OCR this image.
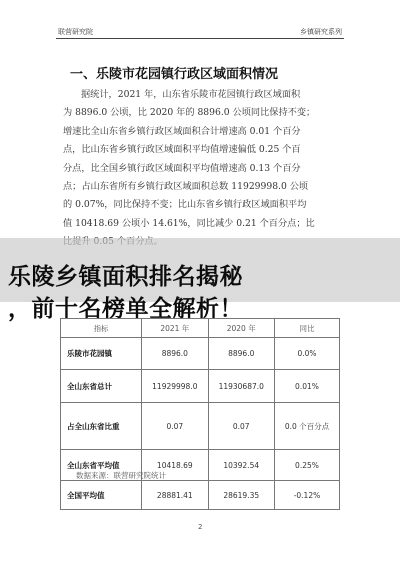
联营研究院	乡镇研究系列
一、乐陵市花园镇行政区域面积情况

据统计，2021 年，山东省乐陵市花园镇行政区域面积

为 8896.0 公顷，比 2020 年的 8896.0 公顷同比保持不变；

增速比全山东省乡镇行政区域面积合计增速高 0.01 个百分

点，比山东省乡镇行政区域面积平均值增速偏低 0.25 个百

分点，比全国乡镇行政区域面积平均值增速高 0.13 个百分

点；占山东省所有乡镇行政区域面积总数 11929998.0 公顷

的 0.07%，同比保持不变；比山东省乡镇行政区域面积平均

值 10418.69 公顷小 14.61%，同比减少 0.21 个百分点；比

乐陵乡镇面积排名揭秘
，前十名榜单全解析！
指标	2021 年	2020 年	同比
乐陵市花园镇	8896.0	8896.0	0.0%
全山东省总计	11929998.0	11930687.0	0.01%
占全山东省比重	0.07	0.07	0.0 个百分点
全山东省平均值	10418.69	10392.54	0.25%
全国平均值	28881.41	28619.35	-0.12%
数据来源：联营研究院统计
2
